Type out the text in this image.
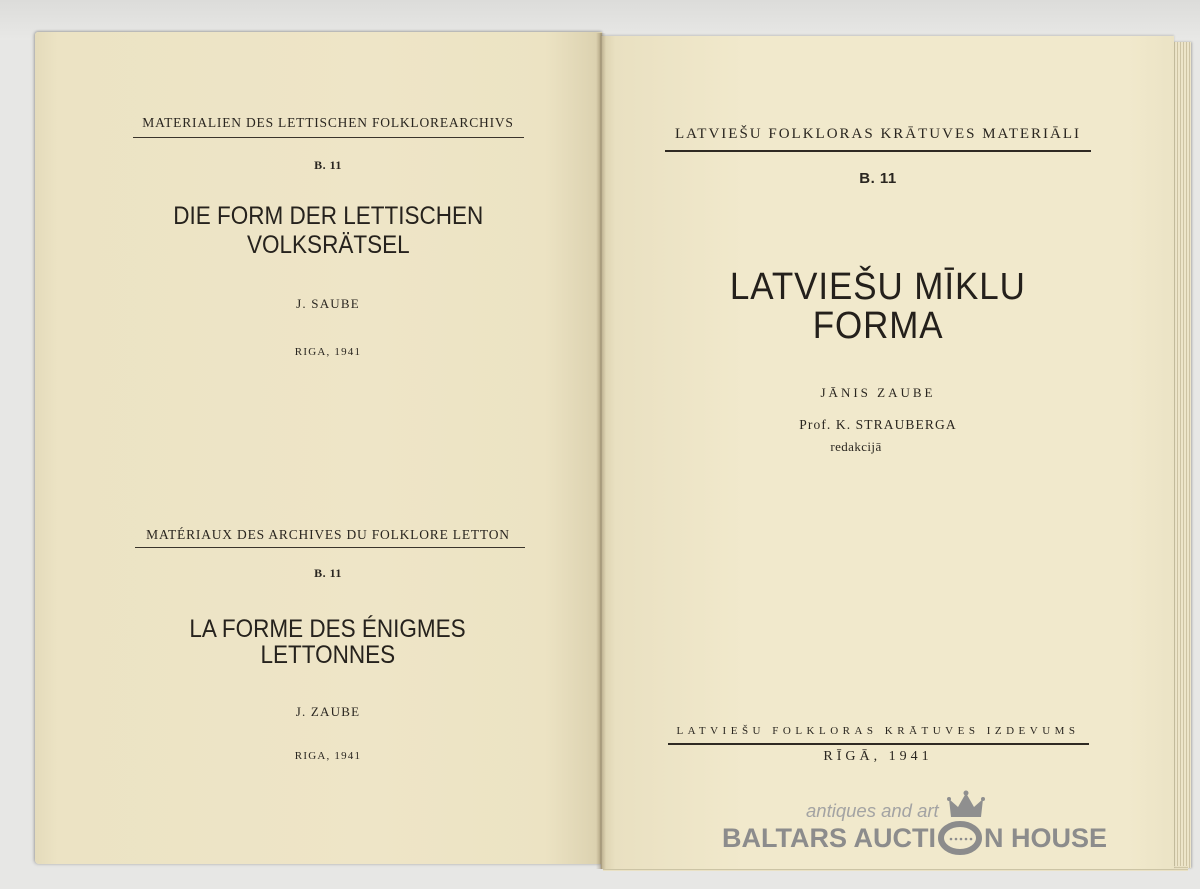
MATERIALIEN DES LETTISCHEN FOLKLOREARCHIVS
B. 11
DIE FORM DER LETTISCHEN
VOLKSRÄTSEL
J. SAUBE
RIGA, 1941
MATÉRIAUX DES ARCHIVES DU FOLKLORE LETTON
B. 11
LA FORME DES ÉNIGMES
LETTONNES
J. ZAUBE
RIGA, 1941
LATVIEŠU FOLKLORAS KRĀTUVES MATERIĀLI
B. 11
LATVIEŠU MĪKLU
FORMA
JĀNIS ZAUBE
Prof. K. STRAUBERGA
redakcijā
LATVIEŠU FOLKLORAS KRĀTUVES IZDEVUMS
RĪGĀ, 1941
antiques and art
BALTARS AUCTI N HOUSE
